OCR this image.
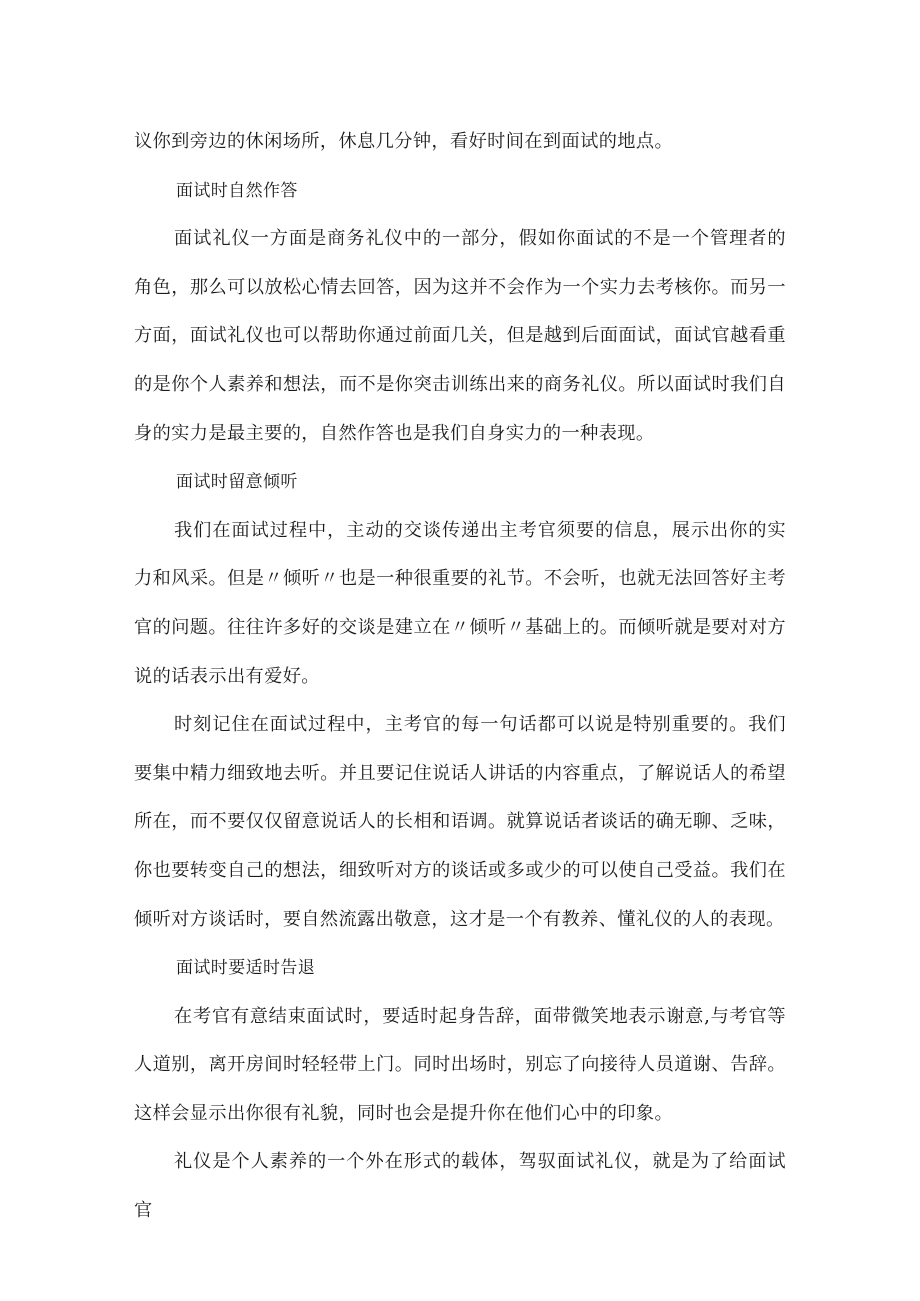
议你到旁边的休闲场所，休息几分钟，看好时间在到面试的地点。

面试时自然作答

面试礼仪一方面是商务礼仪中的一部分，假如你面试的不是一个管理者的角色，那么可以放松心情去回答，因为这并不会作为一个实力去考核你。而另一方面，面试礼仪也可以帮助你通过前面几关，但是越到后面面试，面试官越看重的是你个人素养和想法，而不是你突击训练出来的商务礼仪。所以面试时我们自身的实力是最主要的，自然作答也是我们自身实力的一种表现。

面试时留意倾听

我们在面试过程中，主动的交谈传递出主考官须要的信息，展示出你的实力和风采。但是〃倾听〃也是一种很重要的礼节。不会听，也就无法回答好主考官的问题。往往许多好的交谈是建立在〃倾听〃基础上的。而倾听就是要对对方说的话表示出有爱好。

时刻记住在面试过程中，主考官的每一句话都可以说是特别重要的。我们要集中精力细致地去听。并且要记住说话人讲话的内容重点，了解说话人的希望所在，而不要仅仅留意说话人的长相和语调。就算说话者谈话的确无聊、乏味，你也要转变自己的想法，细致听对方的谈话或多或少的可以使自己受益。我们在倾听对方谈话时，要自然流露出敬意，这才是一个有教养、懂礼仪的人的表现。

面试时要适时告退

在考官有意结束面试时，要适时起身告辞，面带微笑地表示谢意,与考官等人道别，离开房间时轻轻带上门。同时出场时，别忘了向接待人员道谢、告辞。这样会显示出你很有礼貌，同时也会是提升你在他们心中的印象。

礼仪是个人素养的一个外在形式的载体，驾驭面试礼仪，就是为了给面试官
